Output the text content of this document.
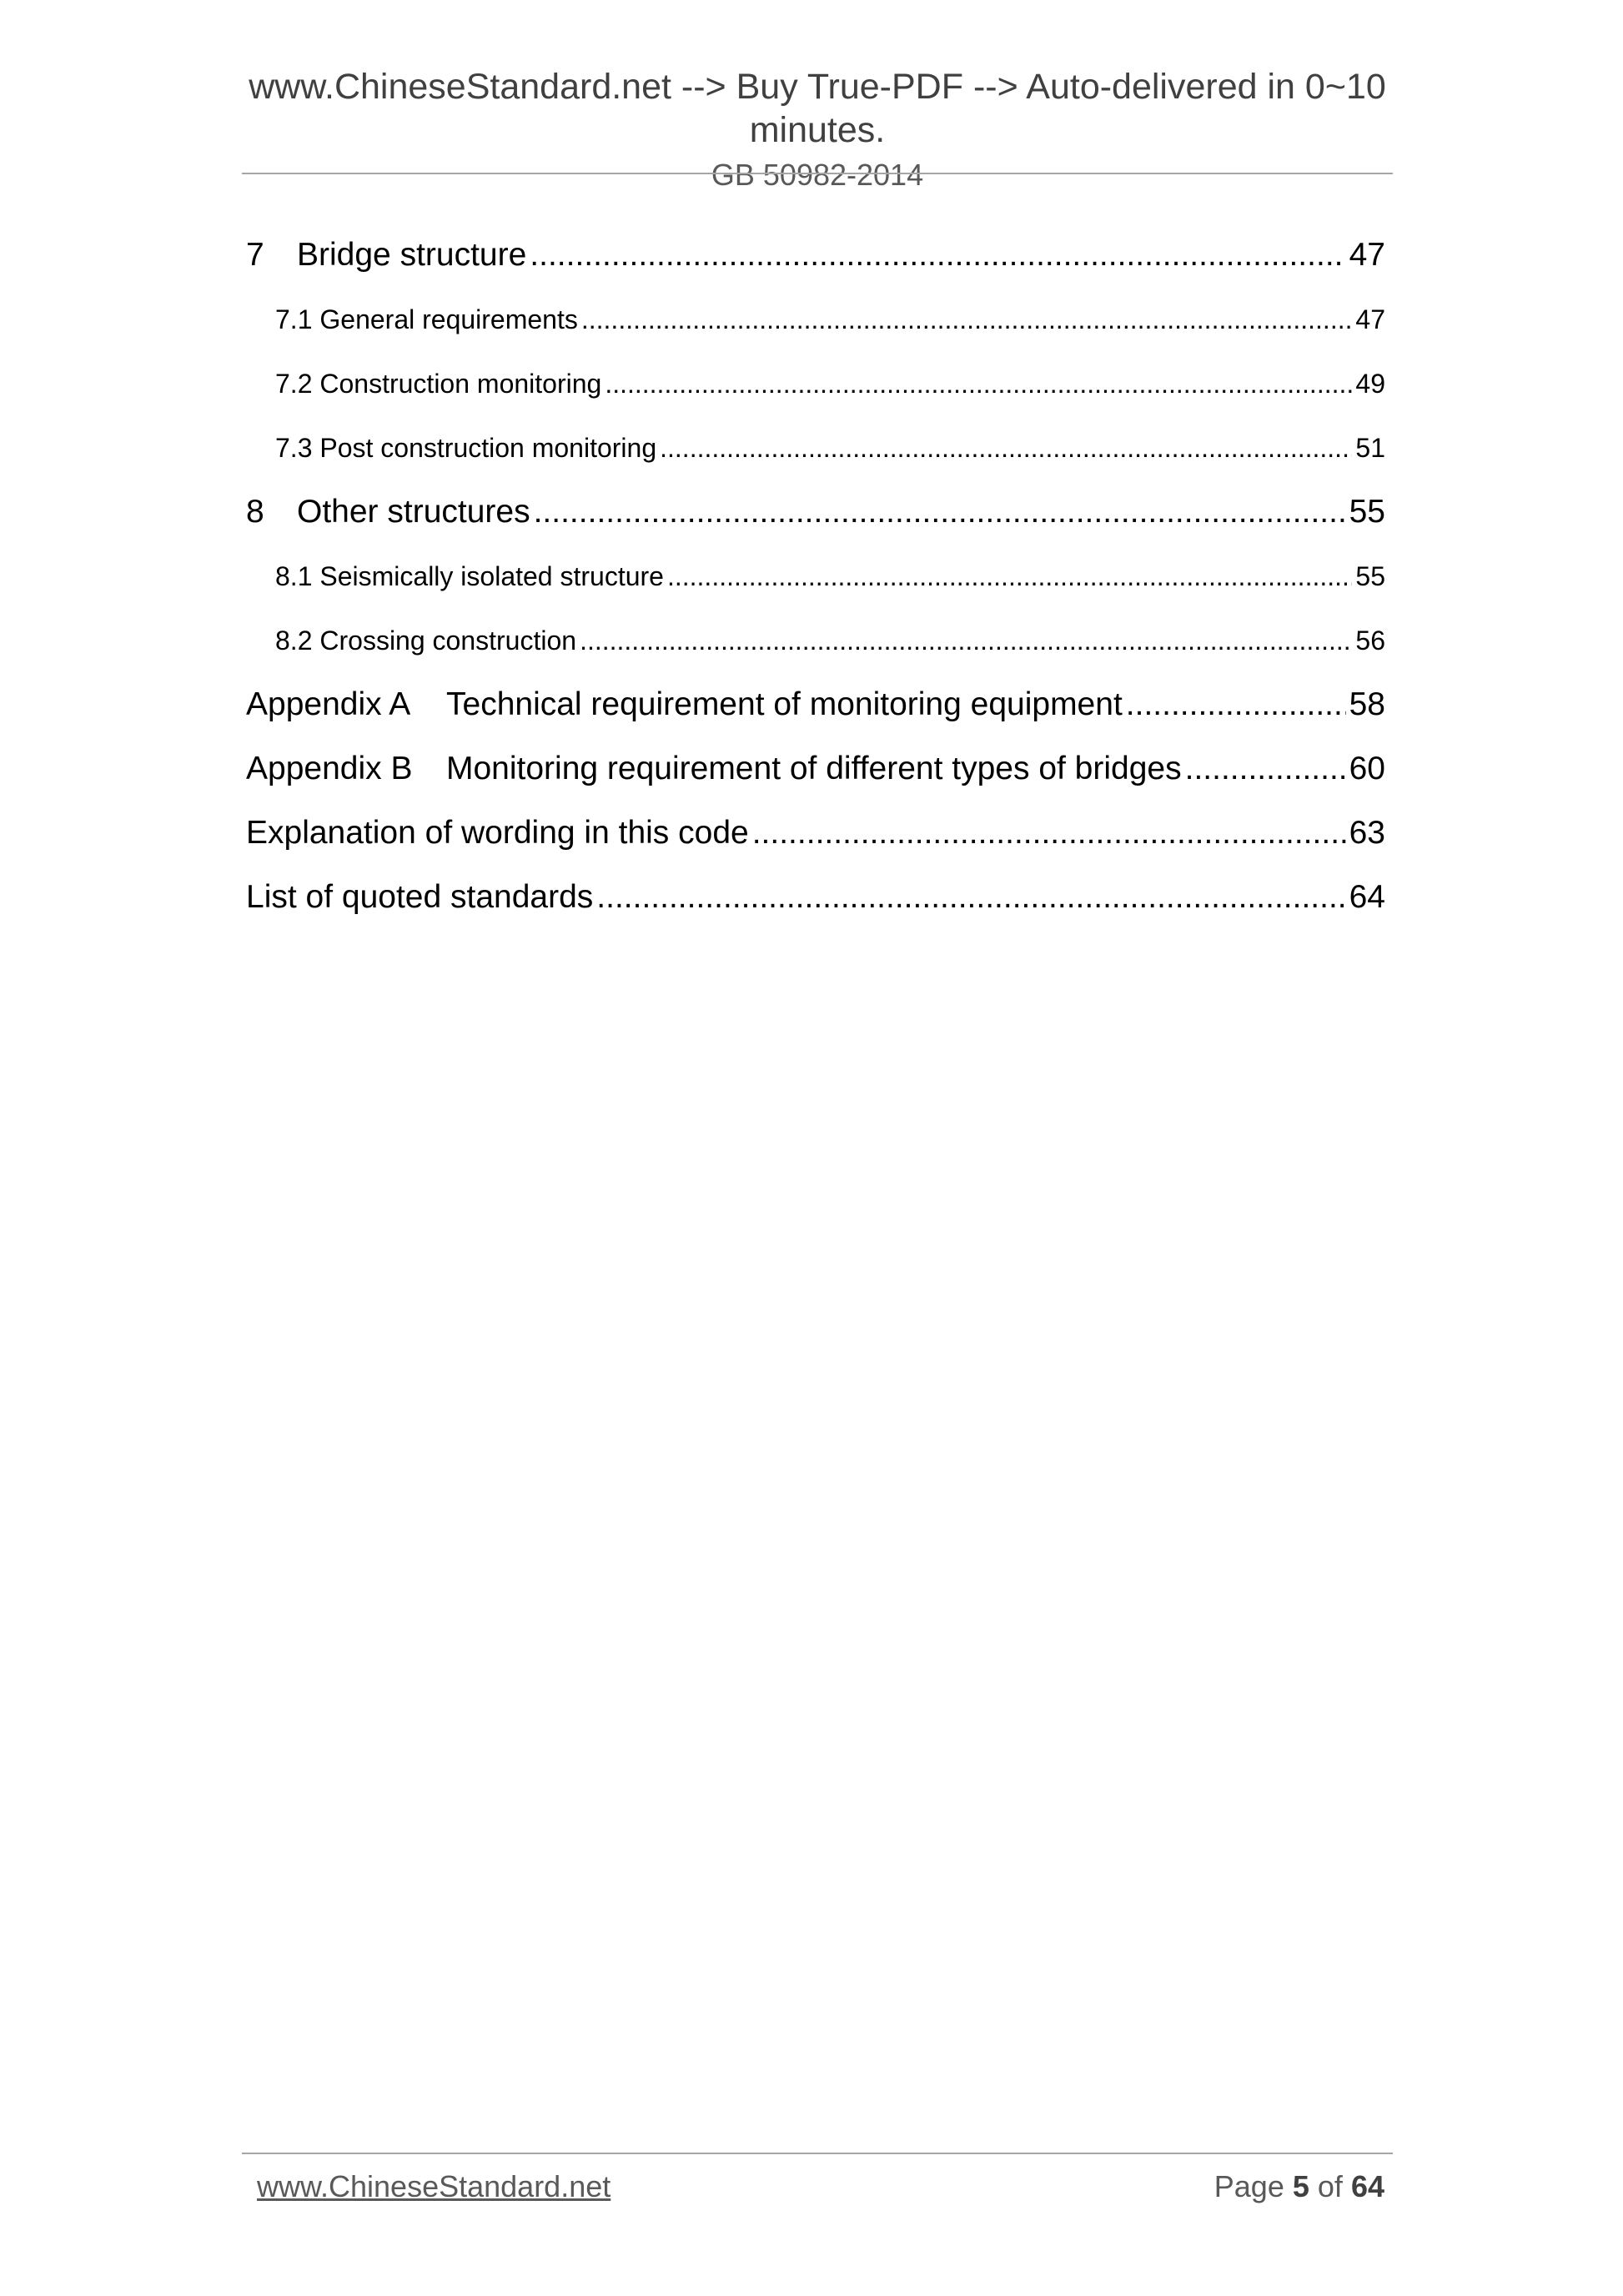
www.ChineseStandard.net --> Buy True-PDF --> Auto-delivered in 0~10 minutes.
GB 50982-2014
7	Bridge structure .....	47
7.1 General requirements .....	47
7.2 Construction monitoring .....	49
7.3 Post construction monitoring .....	51
8	Other structures .....	55
8.1 Seismically isolated structure .....	55
8.2 Crossing construction .....	56
Appendix A	Technical requirement of monitoring equipment .....	58
Appendix B	Monitoring requirement of different types of bridges .....	60
Explanation of wording in this code .....	63
List of quoted standards .....	64
www.ChineseStandard.net	Page 5 of 64
